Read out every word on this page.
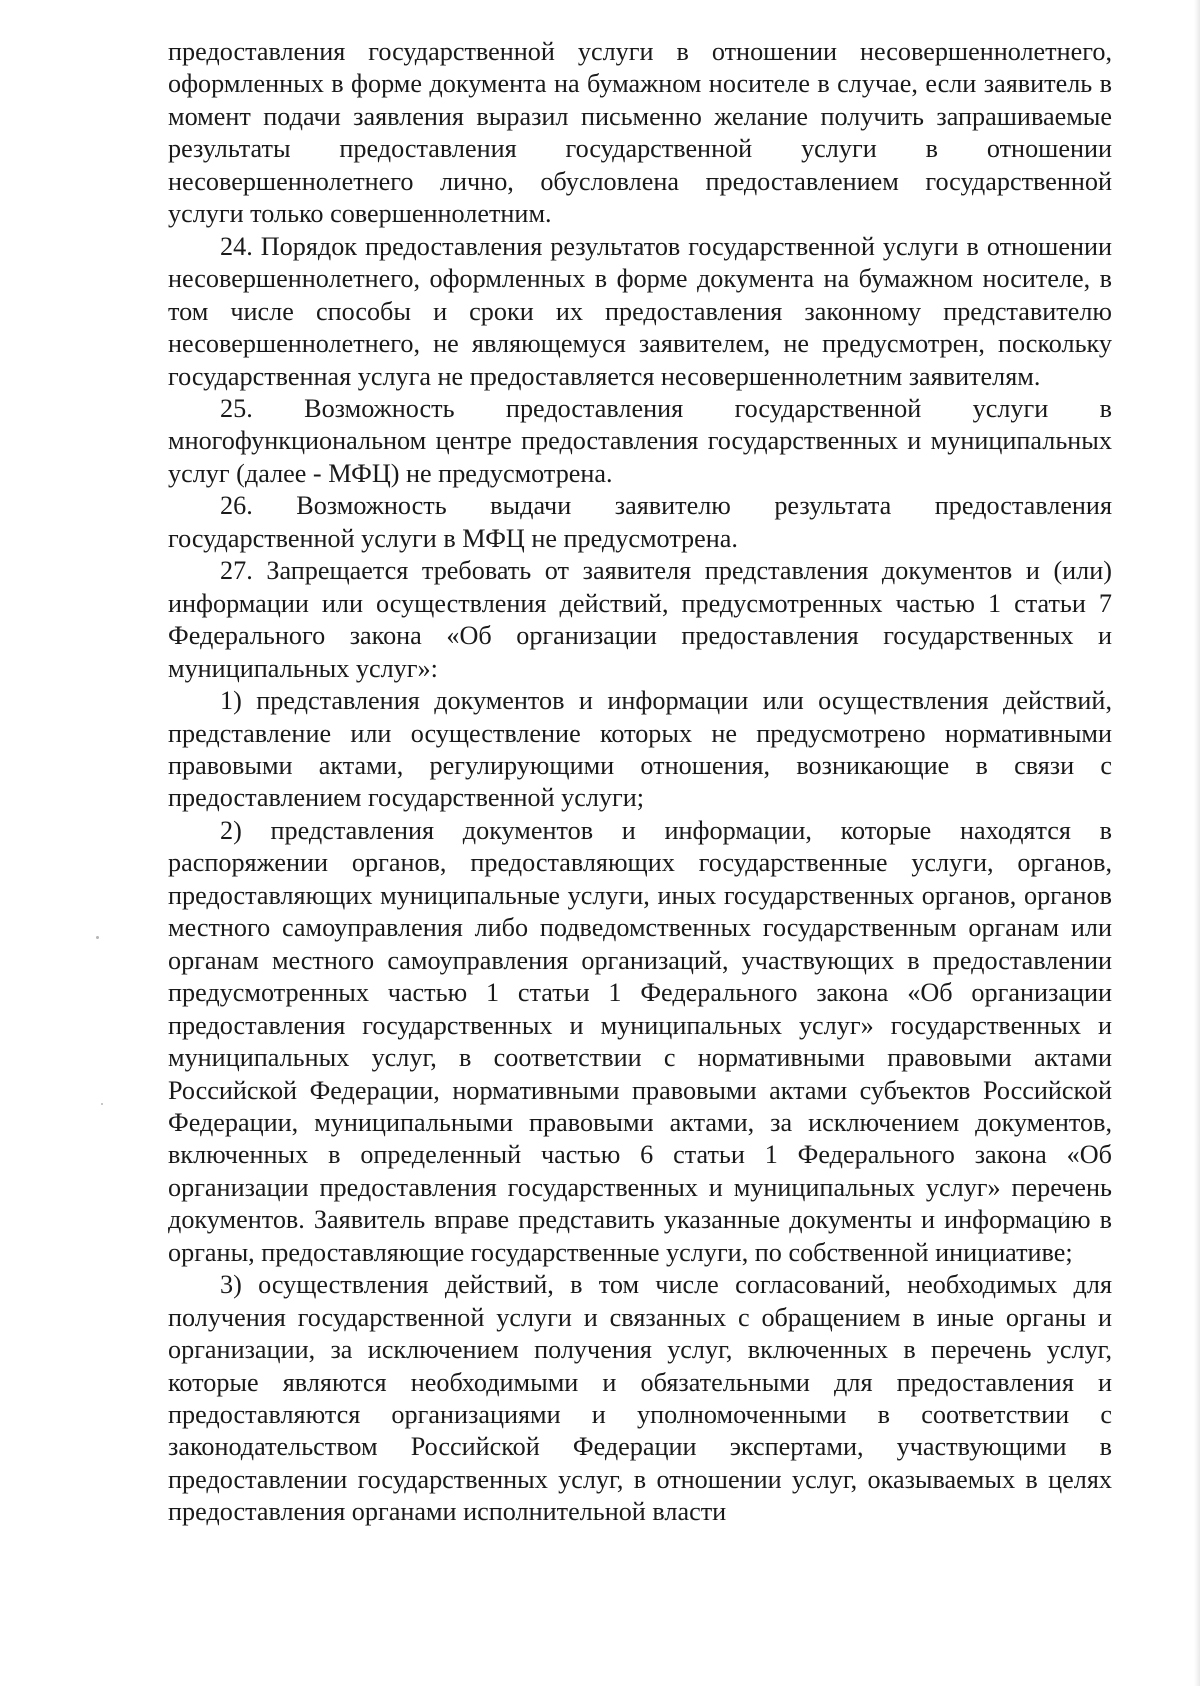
предоставления государственной услуги в отношении несовершеннолетнего, оформленных в форме документа на бумажном носителе в случае, если заявитель в момент подачи заявления выразил письменно желание получить запрашиваемые результаты предоставления государственной услуги в отношении несовершеннолетнего лично, обусловлена предоставлением государственной услуги только совершеннолетним.

24. Порядок предоставления результатов государственной услуги в отношении несовершеннолетнего, оформленных в форме документа на бумажном носителе, в том числе способы и сроки их предоставления законному представителю несовершеннолетнего, не являющемуся заявителем, не предусмотрен, поскольку государственная услуга не предоставляется несовершеннолетним заявителям.

25. Возможность предоставления государственной услуги в многофункциональном центре предоставления государственных и муниципальных услуг (далее - МФЦ) не предусмотрена.

26. Возможность выдачи заявителю результата предоставления государственной услуги в МФЦ не предусмотрена.

27. Запрещается требовать от заявителя представления документов и (или) информации или осуществления действий, предусмотренных частью 1 статьи 7 Федерального закона «Об организации предоставления государственных и муниципальных услуг»:

1) представления документов и информации или осуществления действий, представление или осуществление которых не предусмотрено нормативными правовыми актами, регулирующими отношения, возникающие в связи с предоставлением государственной услуги;

2) представления документов и информации, которые находятся в распоряжении органов, предоставляющих государственные услуги, органов, предоставляющих муниципальные услуги, иных государственных органов, органов местного самоуправления либо подведомственных государственным органам или органам местного самоуправления организаций, участвующих в предоставлении предусмотренных частью 1 статьи 1 Федерального закона «Об организации предоставления государственных и муниципальных услуг» государственных и муниципальных услуг, в соответствии с нормативными правовыми актами Российской Федерации, нормативными правовыми актами субъектов Российской Федерации, муниципальными правовыми актами, за исключением документов, включенных в определенный частью 6 статьи 1 Федерального закона «Об организации предоставления государственных и муниципальных услуг» перечень документов. Заявитель вправе представить указанные документы и информацию в органы, предоставляющие государственные услуги, по собственной инициативе;

3) осуществления действий, в том числе согласований, необходимых для получения государственной услуги и связанных с обращением в иные органы и организации, за исключением получения услуг, включенных в перечень услуг, которые являются необходимыми и обязательными для предоставления и предоставляются организациями и уполномоченными в соответствии с законодательством Российской Федерации экспертами, участвующими в предоставлении государственных услуг, в отношении услуг, оказываемых в целях предоставления органами исполнительной власти
